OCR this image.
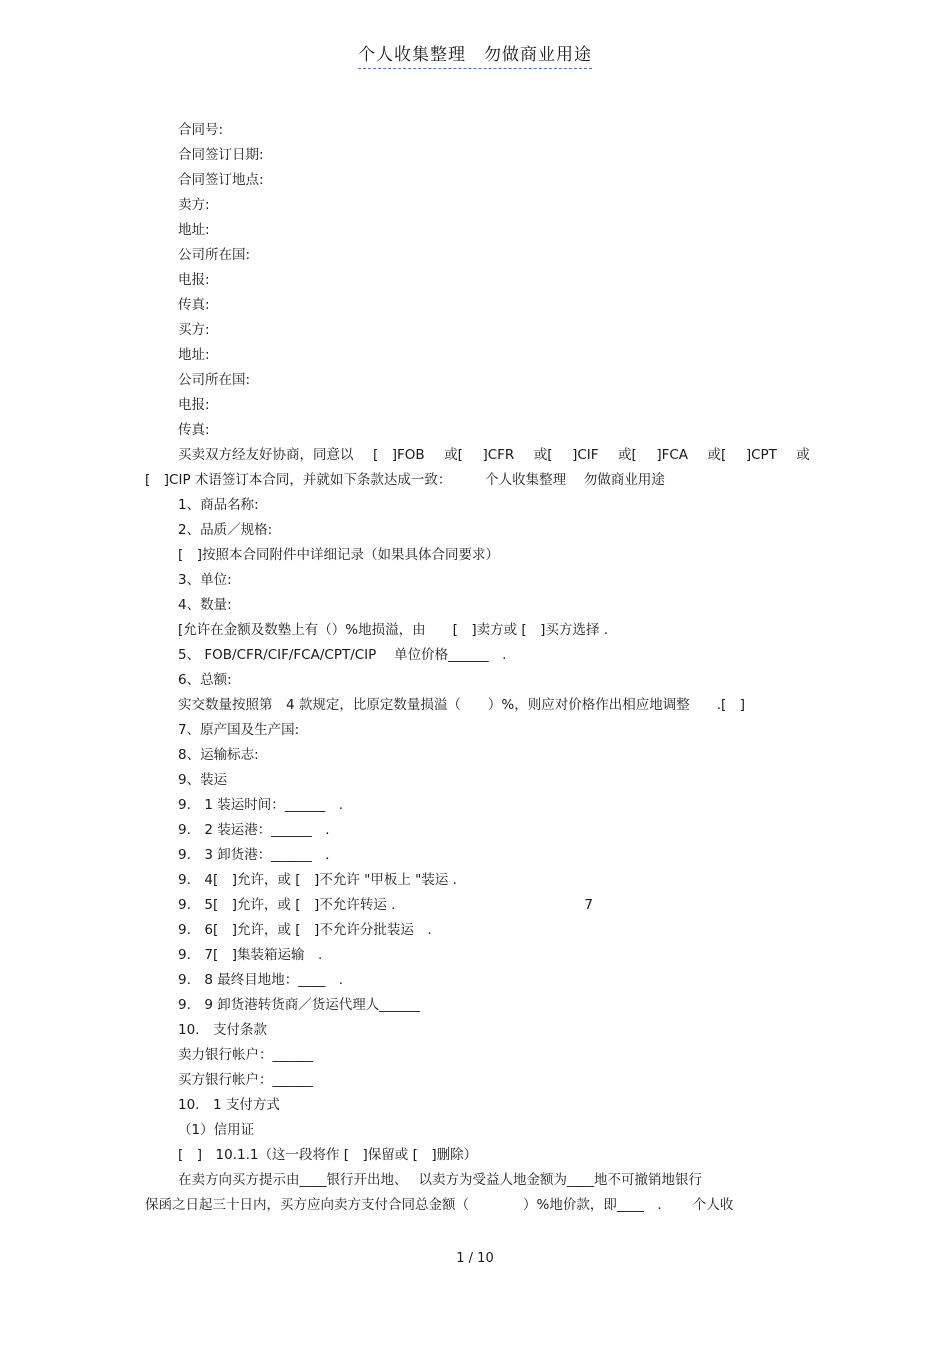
个人收集整理　勿做商业用途
合同号:
合同签订日期:
合同签订地点:
卖方:
地址:
公司所在国:
电报:
传真:
买方:
地址:
公司所在国:
电报:
传真:
买卖双方经友好协商，同意以 [　]FOB 或[ ]CFR 或[ ]CIF 或[ ]FCA 或[ ]CPT 或
[　]CIP 术语签订本合同，并就如下条款达成一致：　　　个人收集整理　 勿做商业用途
1、商品名称:
2、品质／规格:
[　]按照本合同附件中详细记录（如果具体合同要求）
3、单位:
4、数量:
[允许在金额及数塾上有（）%地损溢，由　　[　]卖方或 [　]买方选择 .
5、 FOB/CFR/CIF/FCA/CPT/CIP　 单位价格______　.
6、总额:
实交数量按照第　4 款规定，比原定数量损溢（　　）%，则应对价格作出相应地调整　　.[　]
7、原产国及生产国:
8、运输标志:
9、装运
9.　1 装运时间：______　.
9.　2 装运港：______　.
9.　3 卸货港：______　.
9.　4[　]允许，或 [　]不允许 "甲板上 "装运 .
9.　5[　]允许，或 [　]不允许转运 .　　　　　　　　　　　　　　7
9.　6[　]允许，或 [　]不允许分批装运　.
9.　7[　]集装箱运输　.
9.　8 最终目地地：____　.
9.　9 卸货港转货商／货运代理人______
10.　支付条款
卖力银行帐户：______
买方银行帐户：______
10.　1 支付方式
（1）信用证
[　]　10.1.1（这一段将作 [　]保留或 [　]删除）
在卖方向买方提示由____银行开出地、　 以卖方为受益人地金额为____地不可撤销地银行
保函之日起三十日内，买方应向卖方支付合同总金额（　　　　）%地价款，即____　.　　 个人收
1 / 10
